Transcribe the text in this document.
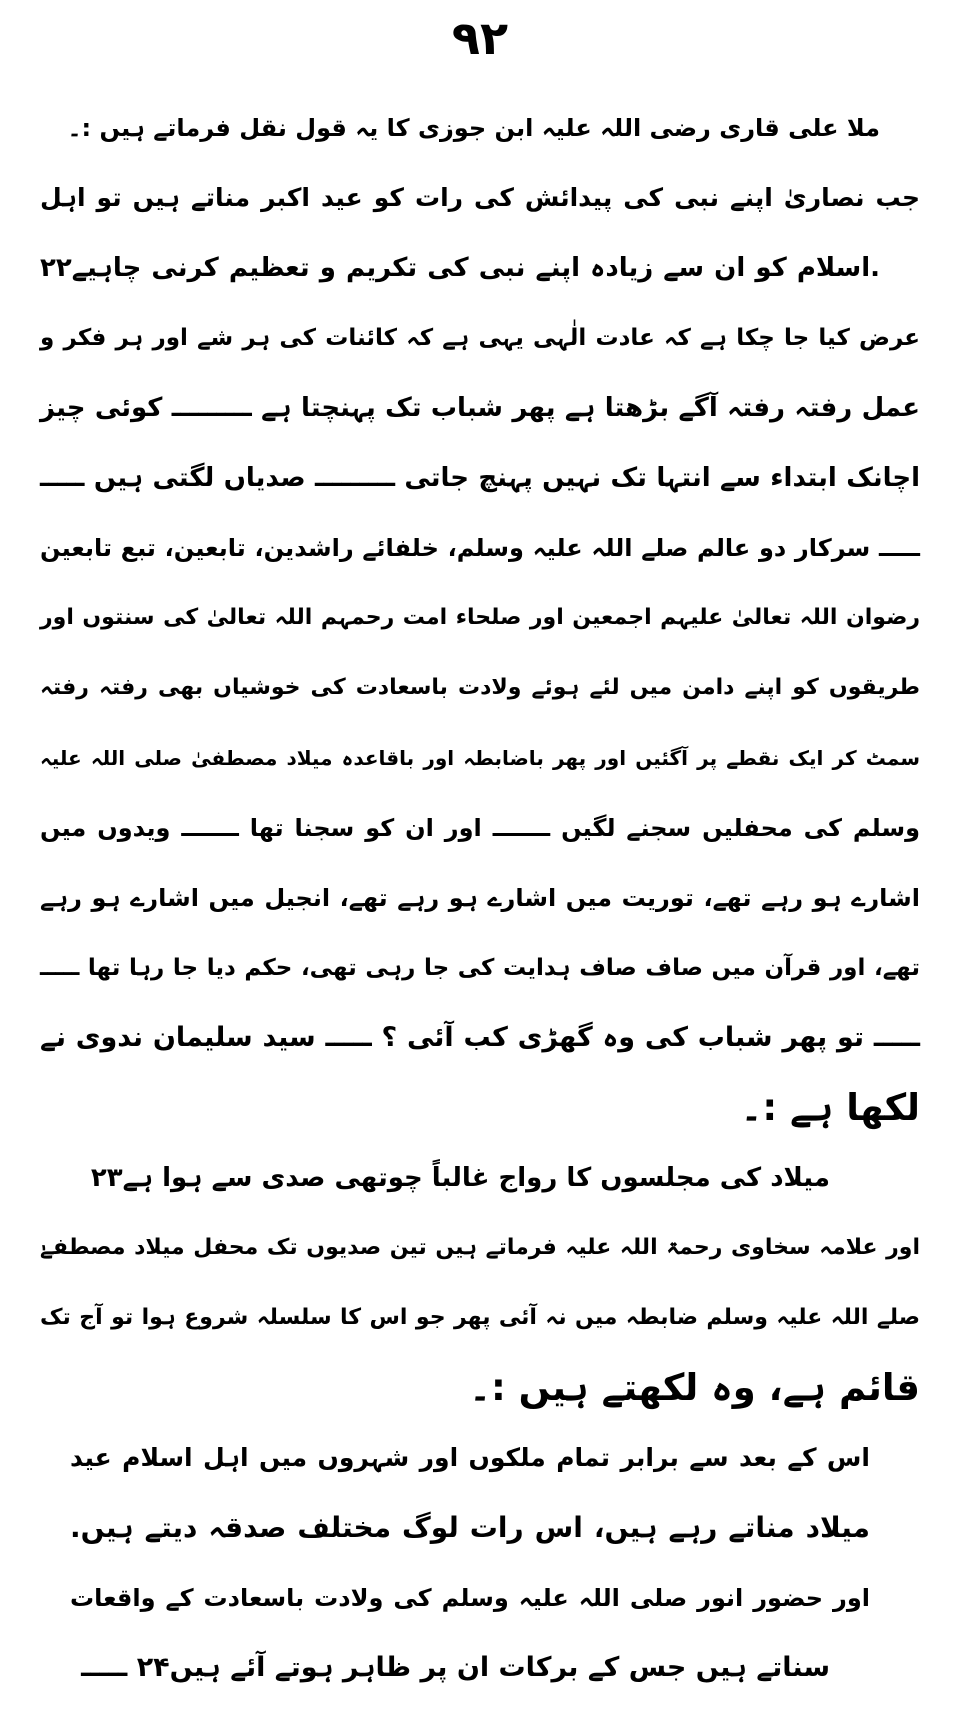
۹۲
ملا علی قاری رضی اللہ علیہ ابن جوزی کا یہ قول نقل فرماتے ہیں :۔
جب نصاریٰ اپنے نبی کی پیدائش کی رات کو عید اکبر مناتے ہیں تو اہل
.اسلام کو ان سے زیادہ اپنے نبی کی تکریم و تعظیم کرنی چاہیے۲۲
عرض کیا جا چکا ہے کہ عادت الٰہی یہی ہے کہ کائنات کی ہر شے اور ہر فکر و
عمل رفتہ رفتہ آگے بڑھتا ہے پھر شباب تک پہنچتا ہے ـــــــــ کوئی چیز
اچانک ابتداء سے انتہا تک نہیں پہنچ جاتی ـــــــــ صدیاں لگتی ہیں ـــــ
ـــــ سرکار دو عالم صلے اللہ علیہ وسلم، خلفائے راشدین، تابعین، تبع تابعین
رضوان اللہ تعالیٰ علیہم اجمعین اور صلحاء امت رحمہم اللہ تعالیٰ کی سنتوں اور
طریقوں کو اپنے دامن میں لئے ہوئے ولادت باسعادت کی خوشیاں بھی رفتہ رفتہ
سمٹ کر ایک نقطے پر آگئیں اور پھر باضابطہ اور باقاعدہ میلاد مصطفیٰ صلی اللہ علیہ
وسلم کی محفلیں سجنے لگیں ـــــــ اور ان کو سجنا تھا ـــــــ ویدوں میں
اشارے ہو رہے تھے، توریت میں اشارے ہو رہے تھے، انجیل میں اشارے ہو رہے
تھے، اور قرآن میں صاف صاف ہدایت کی جا رہی تھی، حکم دیا جا رہا تھا ـــــ
ـــــ تو پھر شباب کی وہ گھڑی کب آئی ؟ ـــــ سید سلیمان ندوی نے
لکھا ہے :۔
میلاد کی مجلسوں کا رواج غالباً چوتھی صدی سے ہوا ہے۲۳
اور علامہ سخاوی رحمۃ اللہ علیہ فرماتے ہیں تین صدیوں تک محفل میلاد مصطفےٰ
صلے اللہ علیہ وسلم ضابطہ میں نہ آئی پھر جو اس کا سلسلہ شروع ہوا تو آج تک
قائم ہے، وہ لکھتے ہیں :۔
اس کے بعد سے برابر تمام ملکوں اور شہروں میں اہل اسلام عید
میلاد مناتے رہے ہیں، اس رات لوگ مختلف صدقہ دیتے ہیں.
اور حضور انور صلی اللہ علیہ وسلم کی ولادت باسعادت کے واقعات
سناتے ہیں جس کے برکات ان پر ظاہر ہوتے آئے ہیں۲۴ ـــــ
